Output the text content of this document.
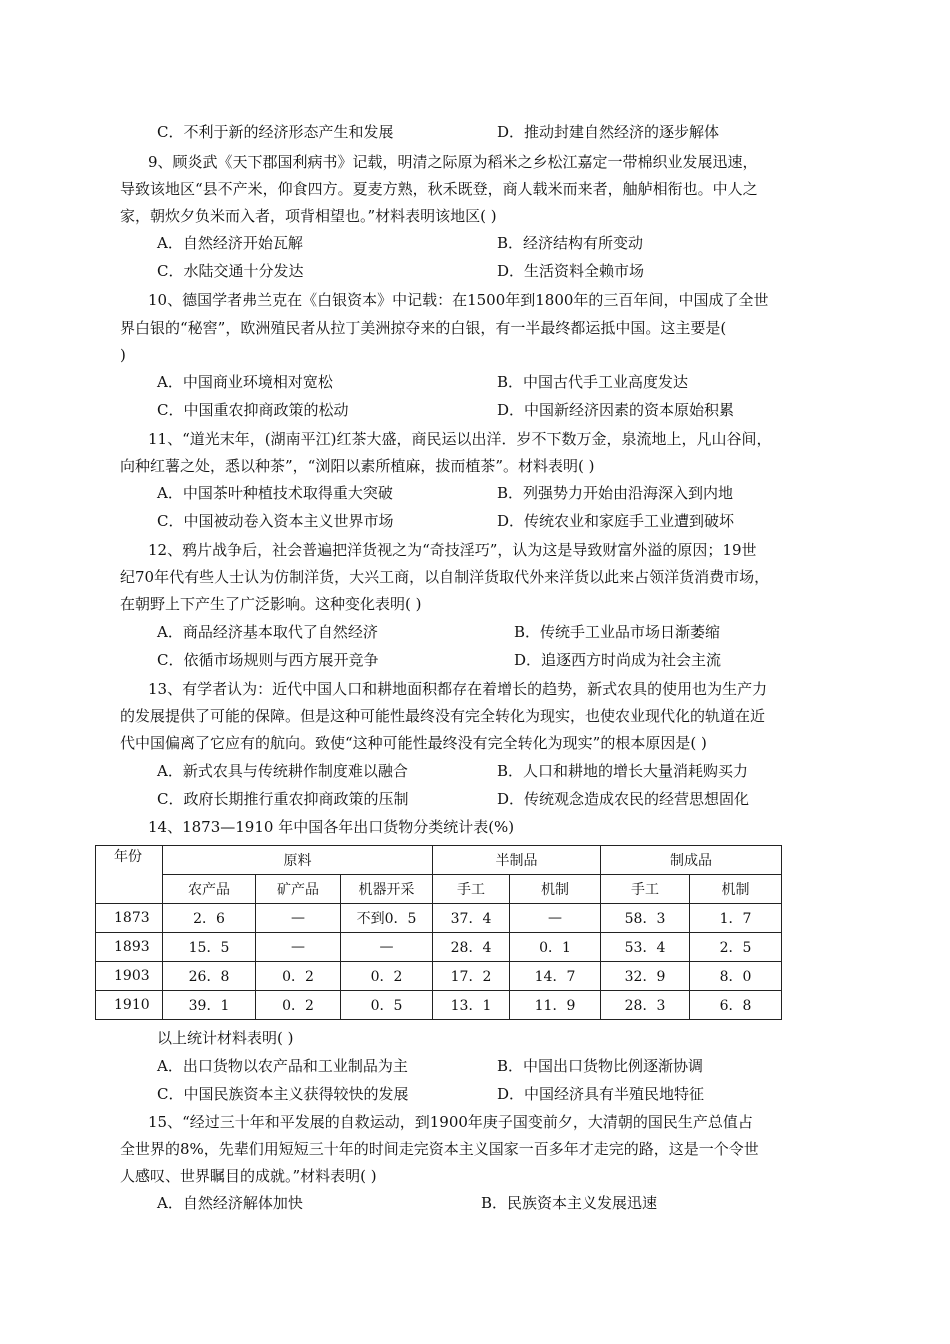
C．不利于新的经济形态产生和发展	D．推动封建自然经济的逐步解体
9、顾炎武《天下郡国利病书》记载，明清之际原为稻米之乡松江嘉定一带棉织业发展迅速，
导致该地区“县不产米，仰食四方。夏麦方熟，秋禾既登，商人载米而来者，舳舻相衔也。中人之
家，朝炊夕负米而入者，项背相望也。”材料表明该地区( )
A．自然经济开始瓦解	B．经济结构有所变动
C．水陆交通十分发达	D．生活资料全赖市场
10、德国学者弗兰克在《白银资本》中记载：在1500年到1800年的三百年间，中国成了全世
界白银的“秘窖”，欧洲殖民者从拉丁美洲掠夺来的白银，有一半最终都运抵中国。这主要是(
)
A．中国商业环境相对宽松	B．中国古代手工业高度发达
C．中国重农抑商政策的松动	D．中国新经济因素的资本原始积累
11、“道光末年，(湖南平江)红茶大盛，商民运以出洋．岁不下数万金，泉流地上，凡山谷间，
向种红薯之处，悉以种茶”，“浏阳以素所植麻，拔而植茶”。材料表明( )
A．中国茶叶种植技术取得重大突破	B．列强势力开始由沿海深入到内地
C．中国被动卷入资本主义世界市场	D．传统农业和家庭手工业遭到破坏
12、鸦片战争后，社会普遍把洋货视之为“奇技淫巧”，认为这是导致财富外溢的原因；19世
纪70年代有些人士认为仿制洋货，大兴工商，以自制洋货取代外来洋货以此来占领洋货消费市场，
在朝野上下产生了广泛影响。这种变化表明( )
A．商品经济基本取代了自然经济	B．传统手工业品市场日渐萎缩
C．依循市场规则与西方展开竞争	D．追逐西方时尚成为社会主流
13、有学者认为：近代中国人口和耕地面积都存在着增长的趋势，新式农具的使用也为生产力
的发展提供了可能的保障。但是这种可能性最终没有完全转化为现实，也使农业现代化的轨道在近
代中国偏离了它应有的航向。致使“这种可能性最终没有完全转化为现实”的根本原因是( )
A．新式农具与传统耕作制度难以融合	B．人口和耕地的增长大量消耗购买力
C．政府长期推行重农抑商政策的压制	D．传统观念造成农民的经营思想固化
14、1873—1910 年中国各年出口货物分类统计表(%)
年份	原料			半制品		制成品	
	农产品	矿产品	机器开采	手工	机制	手工	机制
1873	2．6	—	不到0．5	37．4	—	58．3	1．7
1893	15．5	—	—	28．4	0．1	53．4	2．5
1903	26．8	0．2	0．2	17．2	14．7	32．9	8．0
1910	39．1	0．2	0．5	13．1	11．9	28．3	6．8
以上统计材料表明( )
A．出口货物以农产品和工业制品为主	B．中国出口货物比例逐渐协调
C．中国民族资本主义获得较快的发展	D．中国经济具有半殖民地特征
15、“经过三十年和平发展的自救运动，到1900年庚子国变前夕，大清朝的国民生产总值占
全世界的8%，先辈们用短短三十年的时间走完资本主义国家一百多年才走完的路，这是一个令世
人感叹、世界瞩目的成就。”材料表明( )
A．自然经济解体加快	B．民族资本主义发展迅速
